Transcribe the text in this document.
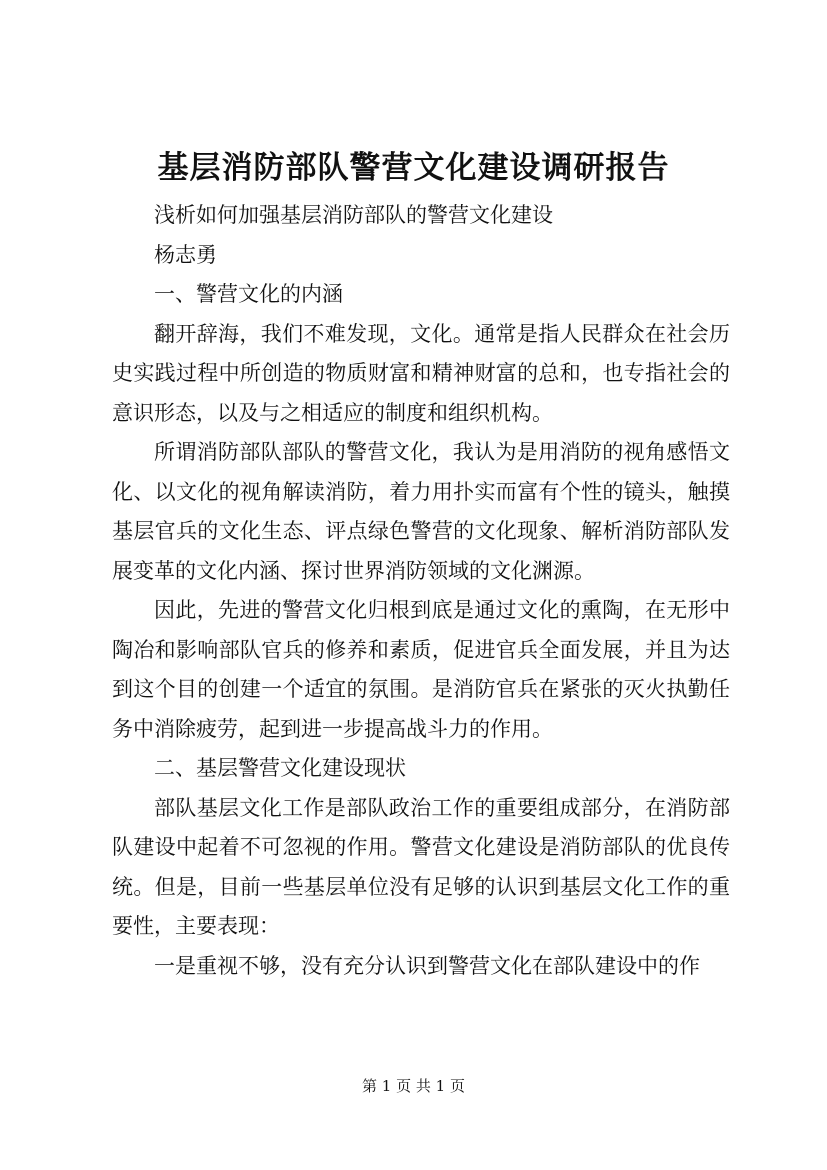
基层消防部队警营文化建设调研报告

浅析如何加强基层消防部队的警营文化建设

杨志勇

一、警营文化的内涵

翻开辞海，我们不难发现，文化。通常是指人民群众在社会历史实践过程中所创造的物质财富和精神财富的总和，也专指社会的意识形态，以及与之相适应的制度和组织机构。

所谓消防部队部队的警营文化，我认为是用消防的视角感悟文化、以文化的视角解读消防，着力用扑实而富有个性的镜头，触摸基层官兵的文化生态、评点绿色警营的文化现象、解析消防部队发展变革的文化内涵、探讨世界消防领域的文化渊源。

因此，先进的警营文化归根到底是通过文化的熏陶，在无形中陶冶和影响部队官兵的修养和素质，促进官兵全面发展，并且为达到这个目的创建一个适宜的氛围。是消防官兵在紧张的灭火执勤任务中消除疲劳，起到进一步提高战斗力的作用。

二、基层警营文化建设现状

部队基层文化工作是部队政治工作的重要组成部分，在消防部队建设中起着不可忽视的作用。警营文化建设是消防部队的优良传统。但是，目前一些基层单位没有足够的认识到基层文化工作的重要性，主要表现：

一是重视不够，没有充分认识到警营文化在部队建设中的作

第 1 页 共 1 页
